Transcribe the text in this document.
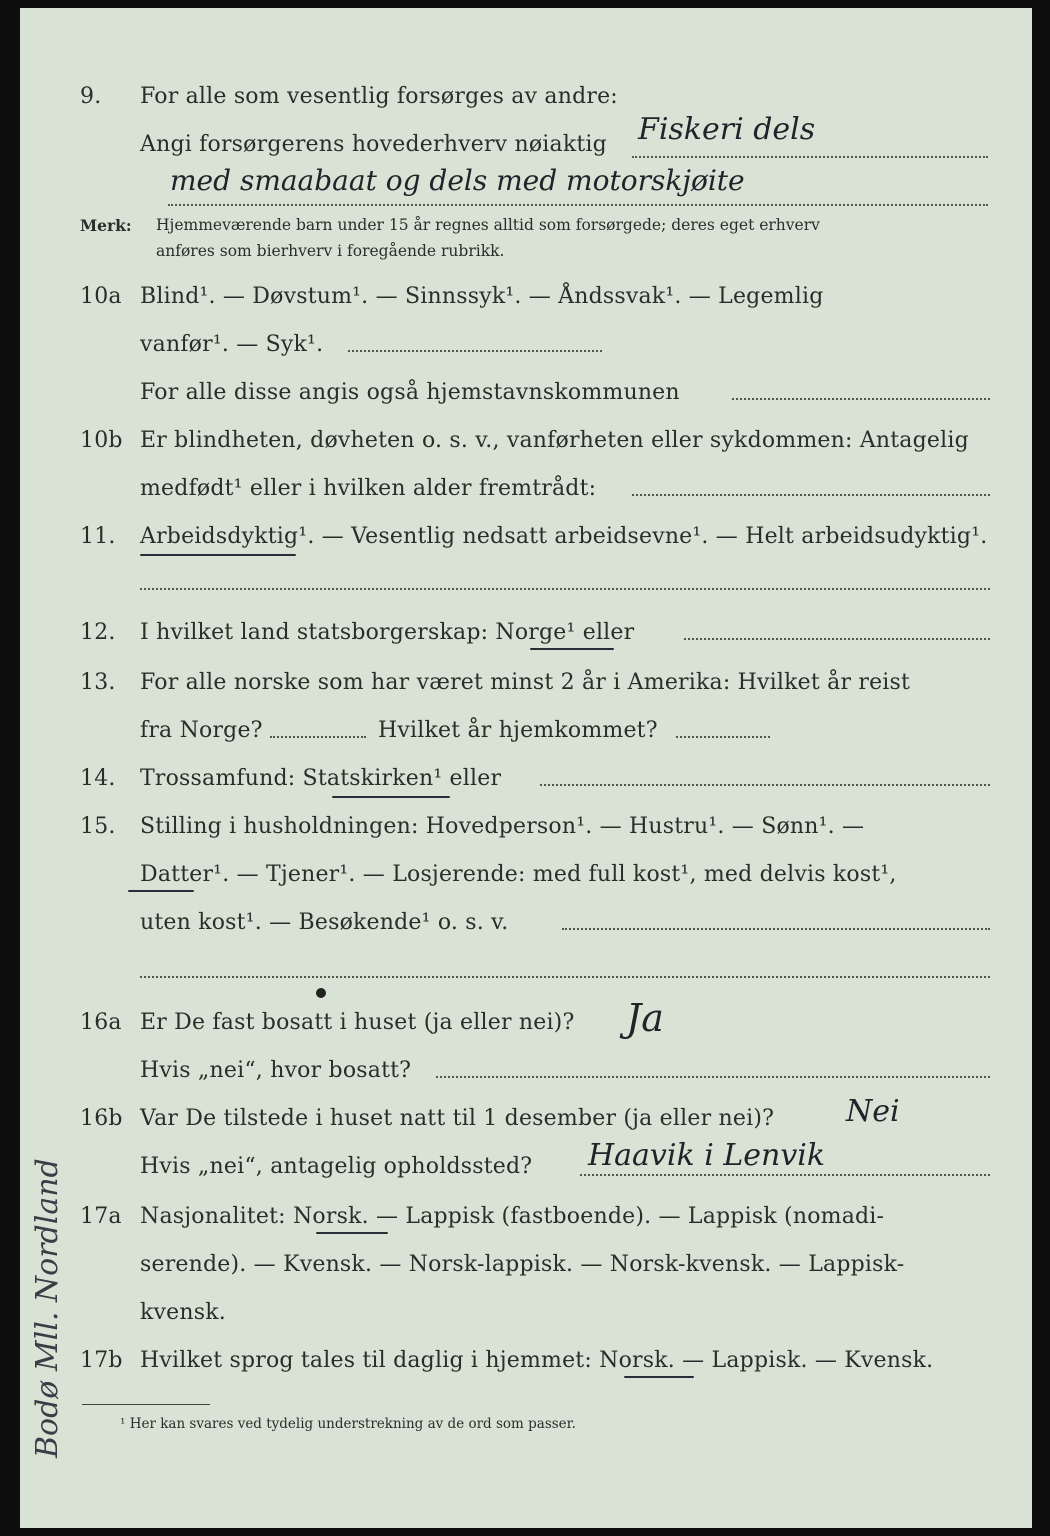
9. For alle som vesentlig forsørges av andre:
Angi forsørgerens hovederhverv nøiaktig Fiskeri dels
med smaabaat og dels med motorskjøite
Merk: Hjemmeværende barn under 15 år regnes alltid som forsørgede; deres eget erhverv
anføres som bierhverv i foregående rubrikk.
10a Blind¹. — Døvstum¹. — Sinnssyk¹. — Åndssvak¹. — Legemlig
vanfør¹. — Syk¹.
For alle disse angis også hjemstavnskommunen
10b Er blindheten, døvheten o. s. v., vanførheten eller sykdommen: Antagelig
medfødt¹ eller i hvilken alder fremtrådt:
11. Arbeidsdyktig¹. — Vesentlig nedsatt arbeidsevne¹. — Helt arbeidsudyktig¹.
12. I hvilket land statsborgerskap: Norge¹ eller
13. For alle norske som har været minst 2 år i Amerika: Hvilket år reist
fra Norge?	Hvilket år hjemkommet?
14. Trossamfund: Statskirken¹ eller
15. Stilling i husholdningen: Hovedperson¹. — Hustru¹. — Sønn¹. —
Datter¹. — Tjener¹. — Losjerende: med full kost¹, med delvis kost¹,
uten kost¹. — Besøkende¹ o. s. v.
16a Er De fast bosatt i huset (ja eller nei)? Ja
Hvis „nei“, hvor bosatt?
16b Var De tilstede i huset natt til 1 desember (ja eller nei)? Nei
Hvis „nei“, antagelig opholdssted? Haavik i Lenvik
17a Nasjonalitet: Norsk. — Lappisk (fastboende). — Lappisk (nomadi-
serende). — Kvensk. — Norsk-lappisk. — Norsk-kvensk. — Lappisk-
kvensk.
17b Hvilket sprog tales til daglig i hjemmet: Norsk. — Lappisk. — Kvensk.
¹ Her kan svares ved tydelig understrekning av de ord som passer.
Bodø Mll. Nordland
